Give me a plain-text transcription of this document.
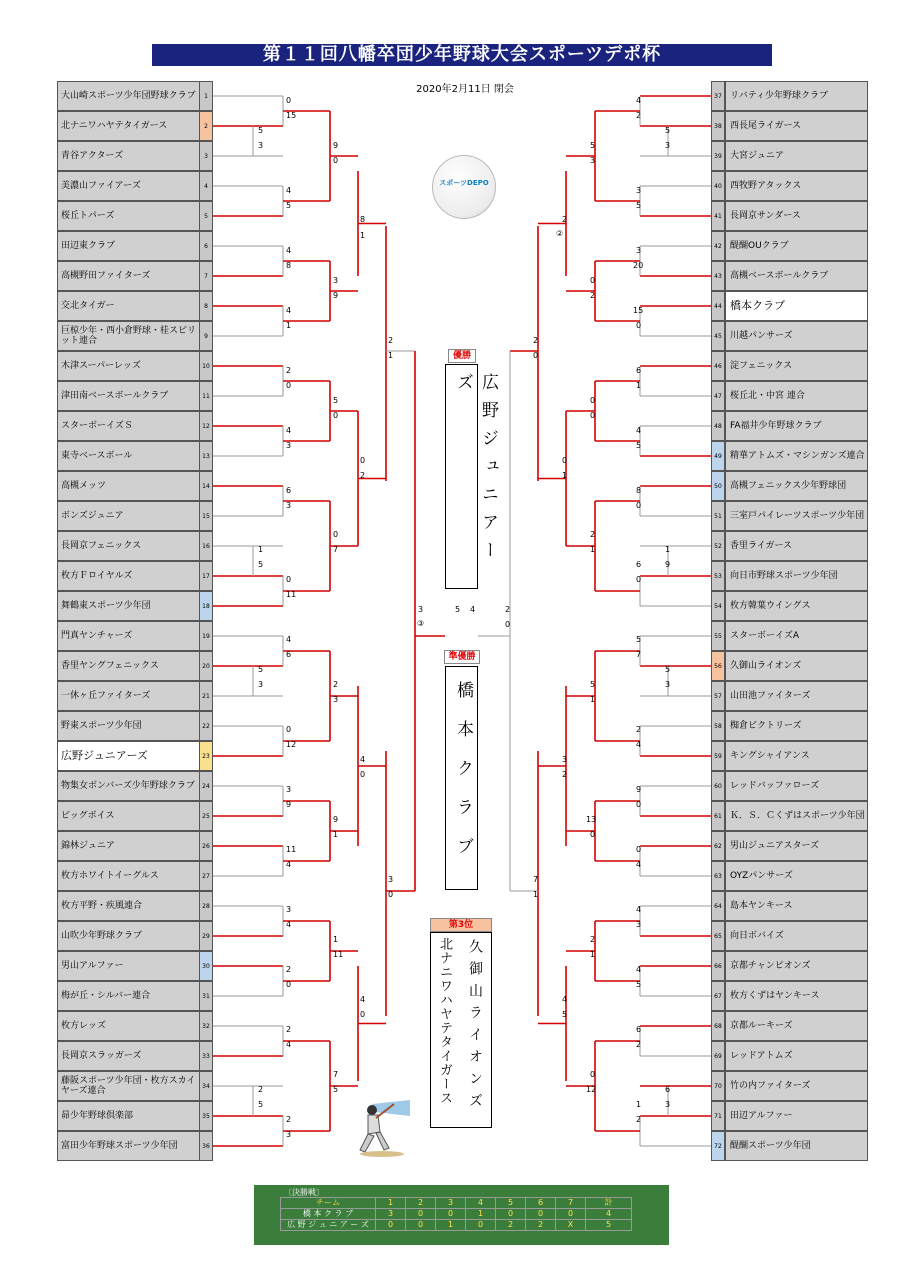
第１１回八幡卒団少年野球大会スポーツデポ杯
2020年2月11日 閉会
大山崎スポーツ少年団野球クラブ	1
北ナニワハヤテタイガース	2
青谷アクターズ	3
美濃山ファイアーズ	4
桜丘トパーズ	5
田辺東クラブ	6
高槻野田ファイターズ	7
交北タイガー	8
巨椋少年・西小倉野球・桂スピリット連合	9
木津スーパーレッズ	10
津田南ベースボールクラブ	11
スターボーイズＳ	12
東寺ベースボール	13
高槻メッツ	14
ボンズジュニア	15
長岡京フェニックス	16
枚方Ｆロイヤルズ	17
舞鶴東スポーツ少年団	18
門真ヤンチャーズ	19
香里ヤングフェニックス	20
一休ヶ丘ファイターズ	21
野東スポーツ少年団	22
広野ジュニアーズ	23
物集女ボンバーズ少年野球クラブ	24
ビッグボイス	25
錦林ジュニア	26
枚方ホワイトイーグルス	27
枚方平野・疾風連合	28
山吹少年野球クラブ	29
男山アルファー	30
梅が丘・シルバー連合	31
枚方レッズ	32
長岡京スラッガーズ	33
藤阪スポーツ少年団・枚方スカイヤーズ連合	34
昴少年野球倶楽部	35
富田少年野球スポーツ少年団	36
リバティ少年野球クラブ
37
西長尾ライガース
38
大宮ジュニア
39
西牧野アタックス
40
長岡京サンダース
41
醍醐OUクラブ
42
高槻ベースボールクラブ
43
橋本クラブ
44
川越パンサーズ
45
淀フェニックス
46
桜丘北・中宮 連合
47
FA福井少年野球クラブ
48
精華アトムズ・マシンガンズ連合
49
高槻フェニックス少年野球団
50
三室戸パイレーツスポーツ少年団
51
香里ライガース
52
向日市野球スポーツ少年団
53
枚方韓葉ウイングス
54
スターボーイズA
55
久御山ライオンズ
56
山田池ファイターズ
57
椥倉ビクトリーズ
58
キングシャイアンス
59
レッドバッファローズ
60
Ｋ．Ｓ．Ｃくずはスポーツ少年団
61
男山ジュニアスターズ
62
OYZパンサーズ
63
島本ヤンキース
64
向日ボバイズ
65
京都チャンピオンズ
66
枚方くずはヤンキース
67
京都ルーキーズ
68
レッドアトムズ
69
竹の内ファイターズ
70
田辺アルファー
71
醍醐スポーツ少年団
72
0
15
5
3	9
0
4
5
8
1
4
8
3
9
4
1
2
1
2
0
5
0
4
3
0
2
6
3
0
7
1
5
0
11
3	5 4	2
0
4
6
5
3	2
3
0
12
4
0
3
9
9
1
11
4
3
0
3
4
1
11
2
0
4
0
2
4
7
5
2
5
2
3
4
2
5
3
5
3
3
5
2
0
3
20
2
15
0
2
0
6
1
0
0
4
5
0
1
8
0
2
1	1
9
6
0
5
7
5
3
5
1
2
4
3
2
9
0
13
0
0
4
7
1
4
3
2
1
4
5
4
5
6
2
0
12	6
3
1
2
②
③
スポーツDEPO
優勝
広野ジュニアーズ
準優勝
橋本クラブ
第3位
久御山ライオンズ
北ナニワハヤテタイガース
〔決勝戦〕
チーム	1	2	3	4	5	6	7	計
橋 本 ク ラ ブ	3	0	0	1	0	0	0	4
広 野 ジ ュ ニ ア ー ズ	0	0	1	0	2	2	X	5
